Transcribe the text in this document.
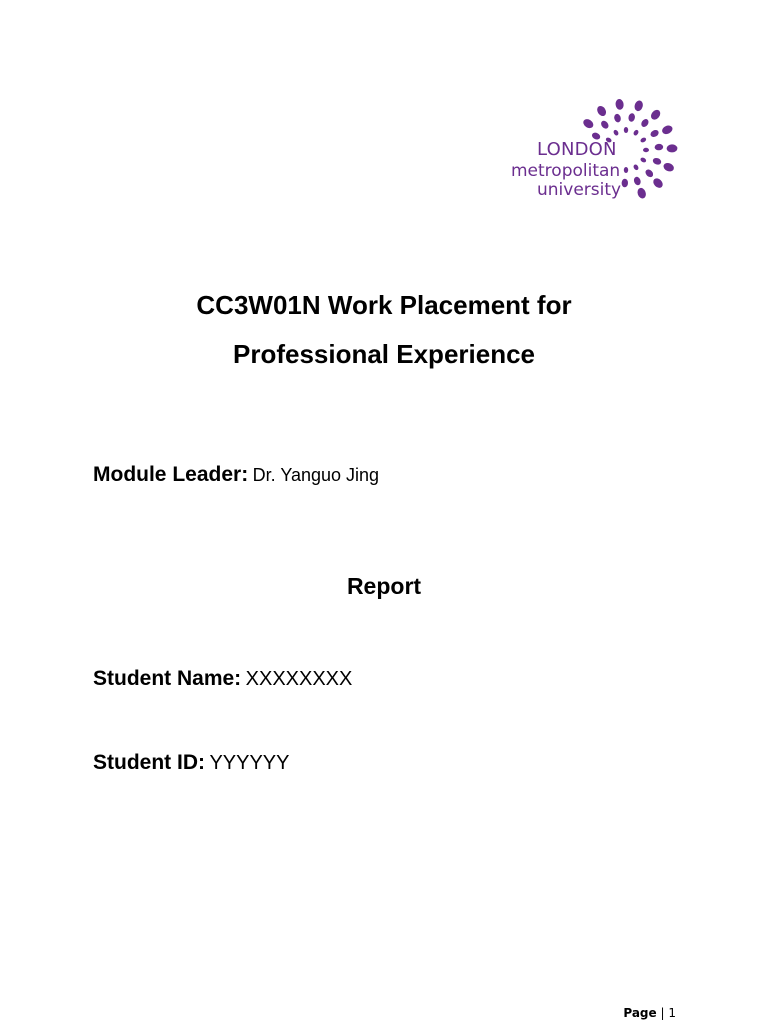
LONDON
metropolitan
university
CC3W01N Work Placement for
Professional Experience
Module Leader: Dr. Yanguo Jing
Report
Student Name: XXXXXXXX
Student ID: YYYYYY
Page | 1
